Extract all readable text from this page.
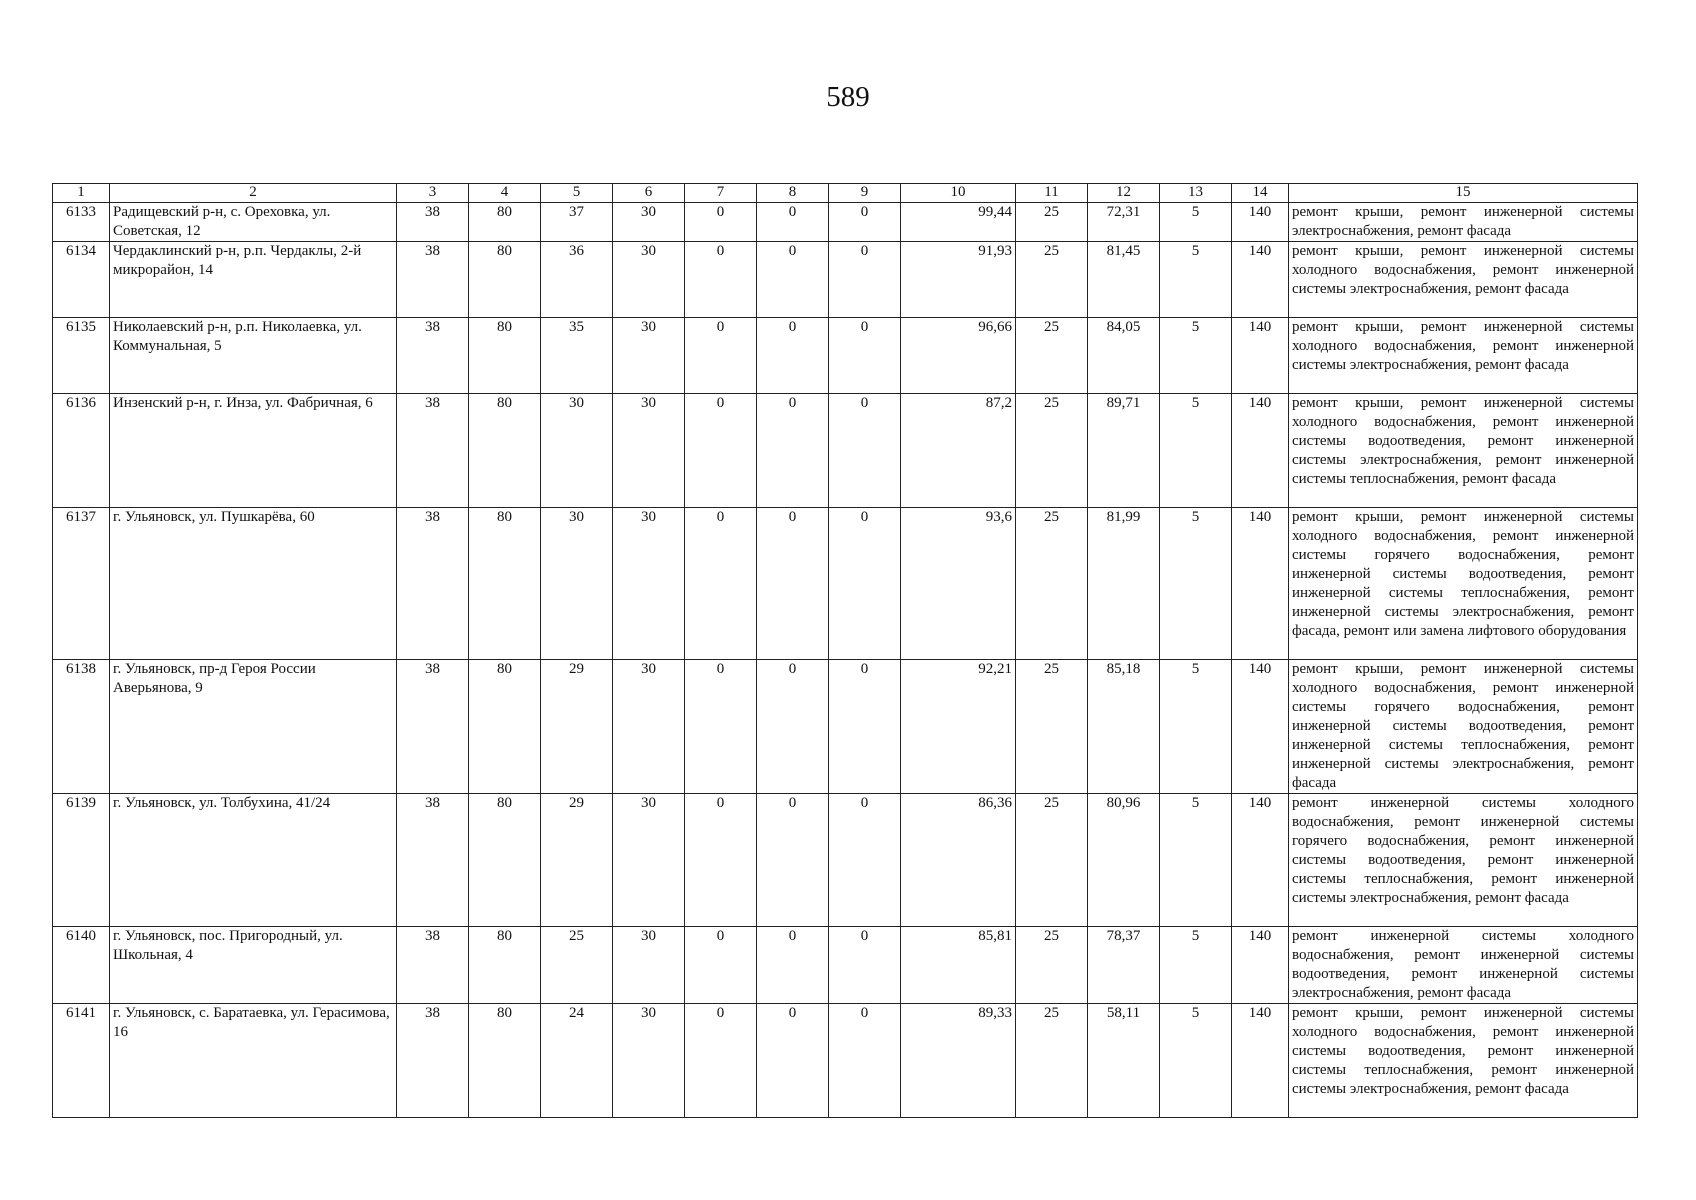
589
1	2	3	4	5	6	7	8	9	10	11	12	13	14	15
6133	Радищевский р-н, с. Ореховка, ул. Советская, 12	38	80	37	30	0	0	0	99,44	25	72,31	5	140	ремонт крыши, ремонт инженерной системы электроснабжения, ремонт фасада
6134	Чердаклинский р-н, р.п. Чердаклы, 2-й микрорайон, 14	38	80	36	30	0	0	0	91,93	25	81,45	5	140	ремонт крыши, ремонт инженерной системы холодного водоснабжения, ремонт инженерной системы электроснабжения, ремонт фасада
6135	Николаевский р-н, р.п. Николаевка, ул. Коммунальная, 5	38	80	35	30	0	0	0	96,66	25	84,05	5	140	ремонт крыши, ремонт инженерной системы холодного водоснабжения, ремонт инженерной системы электроснабжения, ремонт фасада
6136	Инзенский р-н, г. Инза, ул. Фабричная, 6	38	80	30	30	0	0	0	87,2	25	89,71	5	140	ремонт крыши, ремонт инженерной системы холодного водоснабжения, ремонт инженерной системы водоотведения, ремонт инженерной системы электроснабжения, ремонт инженерной системы теплоснабжения, ремонт фасада
6137	г. Ульяновск, ул. Пушкарёва, 60	38	80	30	30	0	0	0	93,6	25	81,99	5	140	ремонт крыши, ремонт инженерной системы холодного водоснабжения, ремонт инженерной системы горячего водоснабжения, ремонт инженерной системы водоотведения, ремонт инженерной системы теплоснабжения, ремонт инженерной системы электроснабжения, ремонт фасада, ремонт или замена лифтового оборудования
6138	г. Ульяновск, пр-д Героя России Аверьянова, 9	38	80	29	30	0	0	0	92,21	25	85,18	5	140	ремонт крыши, ремонт инженерной системы холодного водоснабжения, ремонт инженерной системы горячего водоснабжения, ремонт инженерной системы водоотведения, ремонт инженерной системы теплоснабжения, ремонт инженерной системы электроснабжения, ремонт фасада
6139	г. Ульяновск, ул. Толбухина, 41/24	38	80	29	30	0	0	0	86,36	25	80,96	5	140	ремонт инженерной системы холодного водоснабжения, ремонт инженерной системы горячего водоснабжения, ремонт инженерной системы водоотведения, ремонт инженерной системы теплоснабжения, ремонт инженерной системы электроснабжения, ремонт фасада
6140	г. Ульяновск, пос. Пригородный, ул. Школьная, 4	38	80	25	30	0	0	0	85,81	25	78,37	5	140	ремонт инженерной системы холодного водоснабжения, ремонт инженерной системы водоотведения, ремонт инженерной системы электроснабжения, ремонт фасада
6141	г. Ульяновск, с. Баратаевка, ул. Герасимова, 16	38	80	24	30	0	0	0	89,33	25	58,11	5	140	ремонт крыши, ремонт инженерной системы холодного водоснабжения, ремонт инженерной системы водоотведения, ремонт инженерной системы теплоснабжения, ремонт инженерной системы электроснабжения, ремонт фасада
